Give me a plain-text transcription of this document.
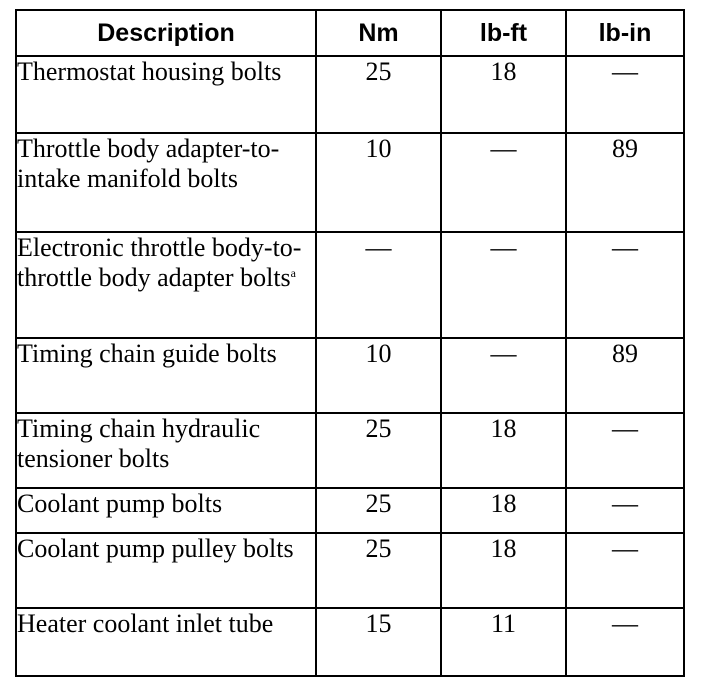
Description	Nm	lb-ft	lb-in
Thermostat housing bolts	25	18	—
Throttle body adapter-to-intake manifold bolts	10	—	89
Electronic throttle body-to-throttle body adapter bolts$^a$	—	—	—
Timing chain guide bolts	10	—	89
Timing chain hydraulic tensioner bolts	25	18	—
Coolant pump bolts	25	18	—
Coolant pump pulley bolts	25	18	—
Heater coolant inlet tube	15	11	—
